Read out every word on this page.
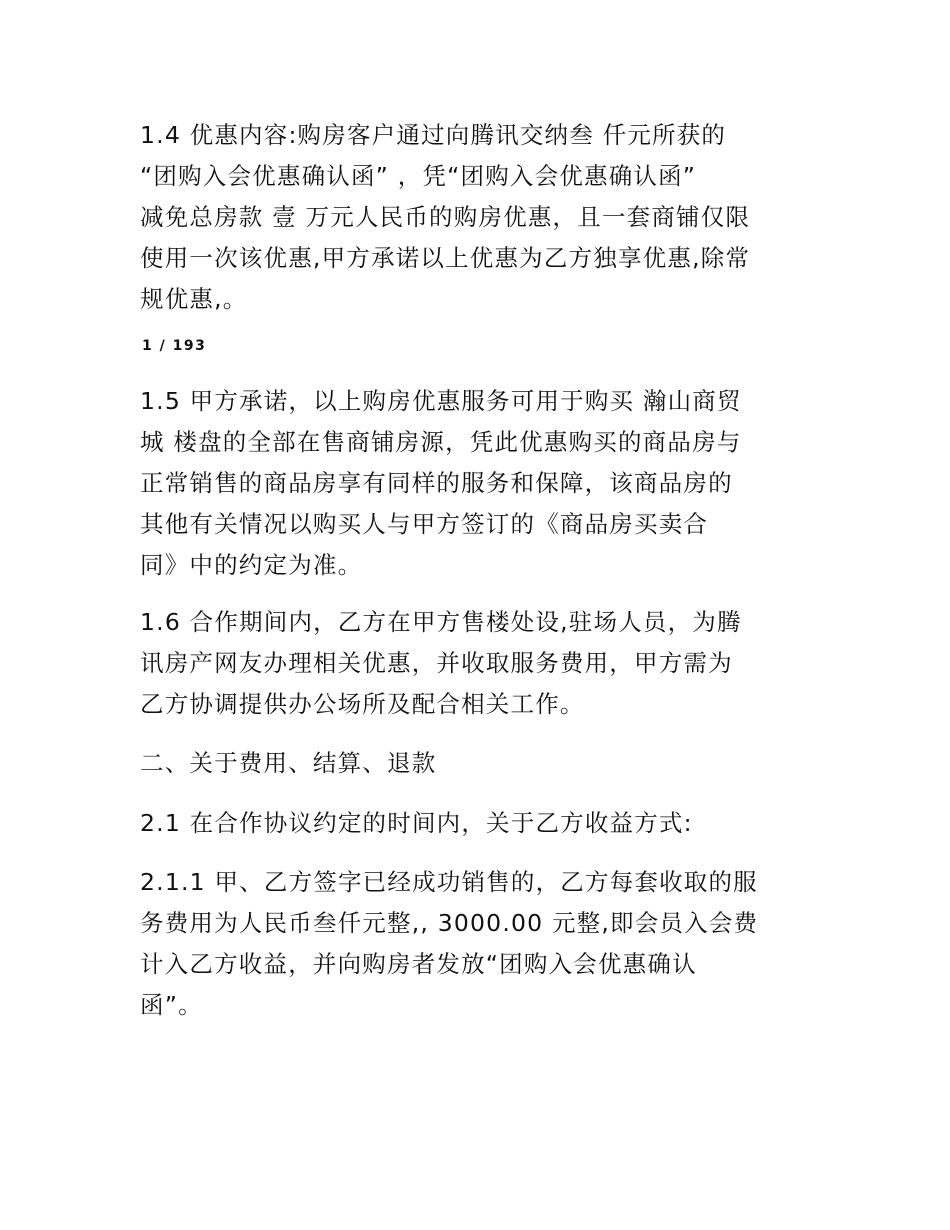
1.4 优惠内容:购房客户通过向腾讯交纳叁 仟元所获的
“团购入会优惠确认函” ，凭“团购入会优惠确认函”
减免总房款 壹 万元人民币的购房优惠，且一套商铺仅限
使用一次该优惠,甲方承诺以上优惠为乙方独享优惠,除常
规优惠,。
1 / 193
1.5 甲方承诺，以上购房优惠服务可用于购买 瀚山商贸
城 楼盘的全部在售商铺房源，凭此优惠购买的商品房与
正常销售的商品房享有同样的服务和保障，该商品房的
其他有关情况以购买人与甲方签订的《商品房买卖合
同》中的约定为准。
1.6 合作期间内，乙方在甲方售楼处设,驻场人员，为腾
讯房产网友办理相关优惠，并收取服务费用，甲方需为
乙方协调提供办公场所及配合相关工作。
二、关于费用、结算、退款
2.1 在合作协议约定的时间内，关于乙方收益方式:
2.1.1 甲、乙方签字已经成功销售的，乙方每套收取的服
务费用为人民币叁仟元整,, 3000.00 元整,即会员入会费
计入乙方收益，并向购房者发放“团购入会优惠确认
函”。
